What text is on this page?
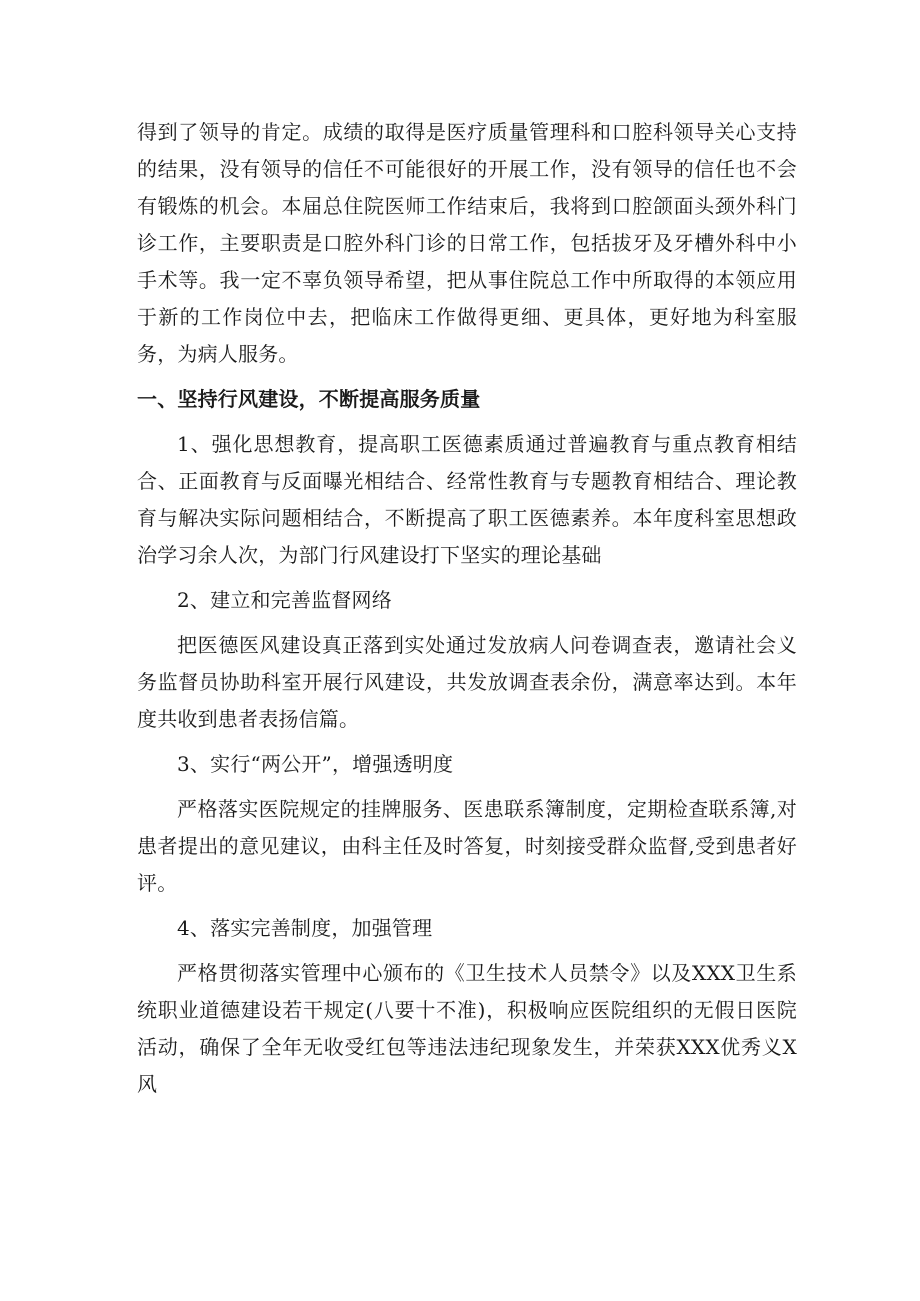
得到了领导的肯定。成绩的取得是医疗质量管理科和口腔科领导关心支持的结果，没有领导的信任不可能很好的开展工作，没有领导的信任也不会有锻炼的机会。本届总住院医师工作结束后，我将到口腔颌面头颈外科门诊工作，主要职责是口腔外科门诊的日常工作，包括拔牙及牙槽外科中小手术等。我一定不辜负领导希望，把从事住院总工作中所取得的本领应用于新的工作岗位中去，把临床工作做得更细、更具体，更好地为科室服务，为病人服务。

一、坚持行风建设，不断提高服务质量

1、强化思想教育，提高职工医德素质通过普遍教育与重点教育相结合、正面教育与反面曝光相结合、经常性教育与专题教育相结合、理论教育与解决实际问题相结合，不断提高了职工医德素养。本年度科室思想政治学习余人次，为部门行风建设打下坚实的理论基础

2、建立和完善监督网络

把医德医风建设真正落到实处通过发放病人问卷调查表，邀请社会义务监督员协助科室开展行风建设，共发放调查表余份，满意率达到。本年度共收到患者表扬信篇。

3、实行“两公开”，增强透明度

严格落实医院规定的挂牌服务、医患联系簿制度，定期检查联系簿,对患者提出的意见建议，由科主任及时答复，时刻接受群众监督,受到患者好评。

4、落实完善制度，加强管理

严格贯彻落实管理中心颁布的《卫生技术人员禁令》以及XXX卫生系统职业道德建设若干规定(八要十不准)，积极响应医院组织的无假日医院活动，确保了全年无收受红包等违法违纪现象发生，并荣获XXX优秀义X风
